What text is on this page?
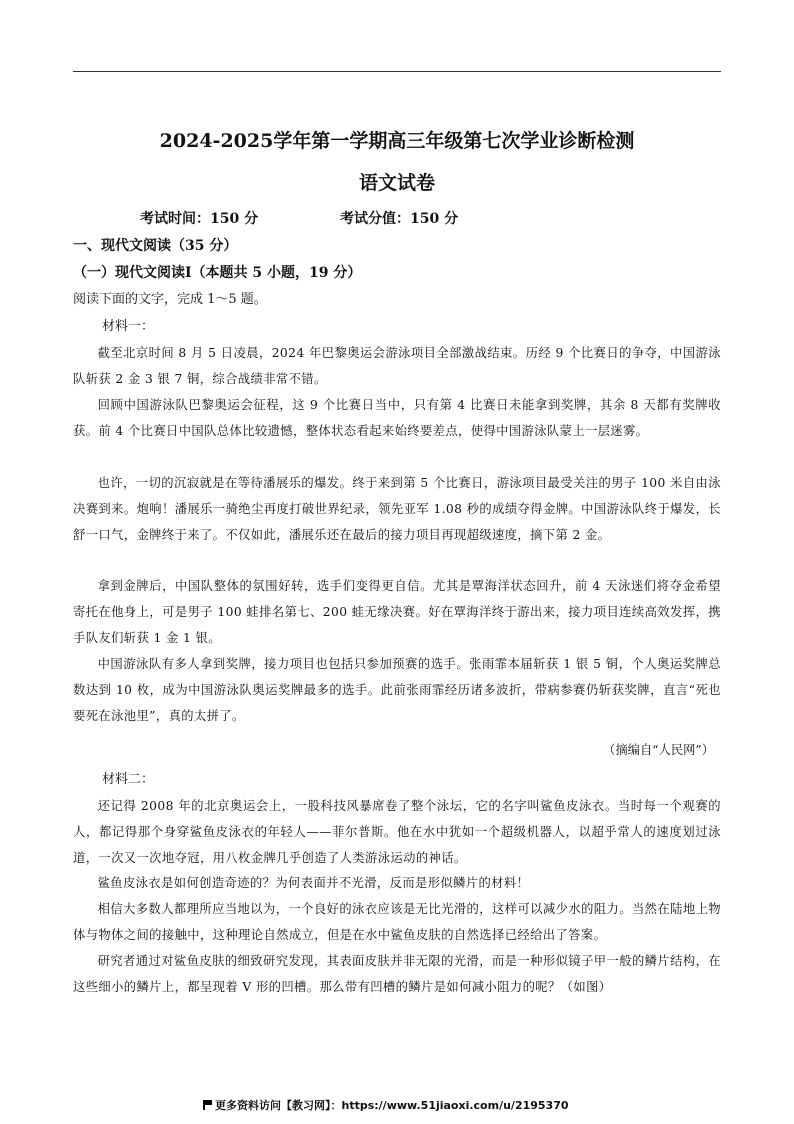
2024-2025学年第一学期高三年级第七次学业诊断检测
语文试卷
考试时间：150 分	考试分值：150 分
一、现代文阅读（35 分）
（一）现代文阅读Ⅰ（本题共 5 小题，19 分）
阅读下面的文字，完成 1～5 题。
材料一：
截至北京时间 8 月 5 日凌晨，2024 年巴黎奥运会游泳项目全部激战结束。历经 9 个比赛日的争夺，中国游泳队斩获 2 金 3 银 7 铜，综合战绩非常不错。
回顾中国游泳队巴黎奥运会征程，这 9 个比赛日当中，只有第 4 比赛日未能拿到奖牌，其余 8 天都有奖牌收获。前 4 个比赛日中国队总体比较遗憾，整体状态看起来始终要差点，使得中国游泳队蒙上一层迷雾。
也许，一切的沉寂就是在等待潘展乐的爆发。终于来到第 5 个比赛日，游泳项目最受关注的男子 100 米自由泳决赛到来。炮响！潘展乐一骑绝尘再度打破世界纪录，领先亚军 1.08 秒的成绩夺得金牌。中国游泳队终于爆发，长舒一口气，金牌终于来了。不仅如此，潘展乐还在最后的接力项目再现超级速度，摘下第 2 金。
拿到金牌后，中国队整体的氛围好转，选手们变得更自信。尤其是覃海洋状态回升，前 4 天泳迷们将夺金希望寄托在他身上，可是男子 100 蛙排名第七、200 蛙无缘决赛。好在覃海洋终于游出来，接力项目连续高效发挥，携手队友们斩获 1 金 1 银。
中国游泳队有多人拿到奖牌，接力项目也包括只参加预赛的选手。张雨霏本届斩获 1 银 5 铜，个人奥运奖牌总数达到 10 枚，成为中国游泳队奥运奖牌最多的选手。此前张雨霏经历诸多波折，带病参赛仍斩获奖牌，直言“死也要死在泳池里”，真的太拼了。
（摘编自“人民网”）
材料二：
还记得 2008 年的北京奥运会上，一股科技风暴席卷了整个泳坛，它的名字叫鲨鱼皮泳衣。当时每一个观赛的人，都记得那个身穿鲨鱼皮泳衣的年轻人——菲尔普斯。他在水中犹如一个超级机器人，以超乎常人的速度划过泳道，一次又一次地夺冠，用八枚金牌几乎创造了人类游泳运动的神话。
鲨鱼皮泳衣是如何创造奇迹的？为何表面并不光滑，反而是形似鳞片的材料！
相信大多数人都理所应当地以为，一个良好的泳衣应该是无比光滑的，这样可以减少水的阻力。当然在陆地上物体与物体之间的接触中，这种理论自然成立，但是在水中鲨鱼皮肤的自然选择已经给出了答案。
研究者通过对鲨鱼皮肤的细致研究发现，其表面皮肤并非无限的光滑，而是一种形似镜子甲一般的鳞片结构，在这些细小的鳞片上，都呈现着 V 形的凹槽。那么带有凹槽的鳞片是如何减小阻力的呢？（如图）
更多资料访问【教习网】：https://www.51jiaoxi.com/u/2195370
